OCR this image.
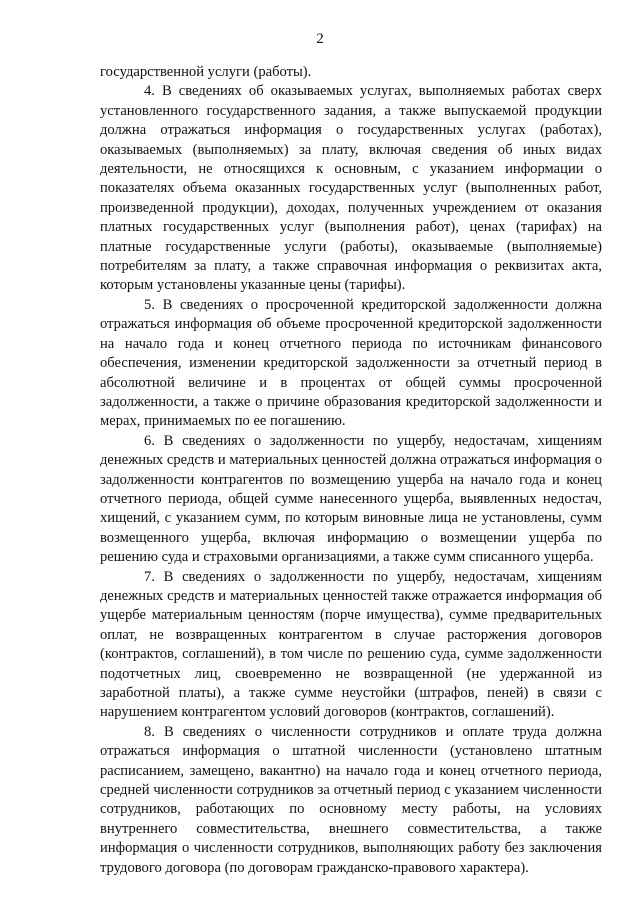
2

государственной услуги (работы).

4. В сведениях об оказываемых услугах, выполняемых работах сверх установленного государственного задания, а также выпускаемой продукции должна отражаться информация о государственных услугах (работах), оказываемых (выполняемых) за плату, включая сведения об иных видах деятельности, не относящихся к основным, с указанием информации о показателях объема оказанных государственных услуг (выполненных работ, произведенной продукции), доходах, полученных учреждением от оказания платных государственных услуг (выполнения работ), ценах (тарифах) на платные государственные услуги (работы), оказываемые (выполняемые) потребителям за плату, а также справочная информация о реквизитах акта, которым установлены указанные цены (тарифы).

5. В сведениях о просроченной кредиторской задолженности должна отражаться информация об объеме просроченной кредиторской задолженности на начало года и конец отчетного периода по источникам финансового обеспечения, изменении кредиторской задолженности за отчетный период в абсолютной величине и в процентах от общей суммы просроченной задолженности, а также о причине образования кредиторской задолженности и мерах, принимаемых по ее погашению.

6. В сведениях о задолженности по ущербу, недостачам, хищениям денежных средств и материальных ценностей должна отражаться информация о задолженности контрагентов по возмещению ущерба на начало года и конец отчетного периода, общей сумме нанесенного ущерба, выявленных недостач, хищений, с указанием сумм, по которым виновные лица не установлены, сумм возмещенного ущерба, включая информацию о возмещении ущерба по решению суда и страховыми организациями, а также сумм списанного ущерба.

7. В сведениях о задолженности по ущербу, недостачам, хищениям денежных средств и материальных ценностей также отражается информация об ущербе материальным ценностям (порче имущества), сумме предварительных оплат, не возвращенных контрагентом в случае расторжения договоров (контрактов, соглашений), в том числе по решению суда, сумме задолженности подотчетных лиц, своевременно не возвращенной (не удержанной из заработной платы), а также сумме неустойки (штрафов, пеней) в связи с нарушением контрагентом условий договоров (контрактов, соглашений).

8. В сведениях о численности сотрудников и оплате труда должна отражаться информация о штатной численности (установлено штатным расписанием, замещено, вакантно) на начало года и конец отчетного периода, средней численности сотрудников за отчетный период с указанием численности сотрудников, работающих по основному месту работы, на условиях внутреннего совместительства, внешнего совместительства, а также информация о численности сотрудников, выполняющих работу без заключения трудового договора (по договорам гражданско-правового характера).
